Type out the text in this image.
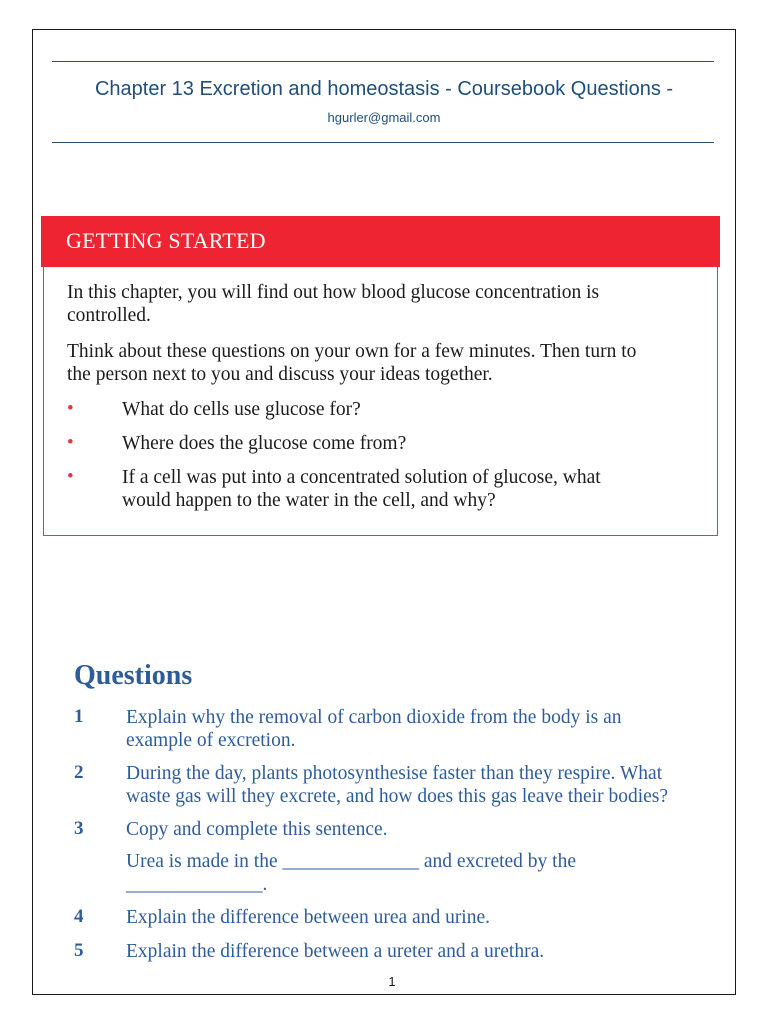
Chapter 13 Excretion and homeostasis - Coursebook Questions -
hgurler@gmail.com
GETTING STARTED
In this chapter, you will find out how blood glucose concentration is
controlled.
Think about these questions on your own for a few minutes. Then turn to
the person next to you and discuss your ideas together.
• What do cells use glucose for?
• Where does the glucose come from?
• If a cell was put into a concentrated solution of glucose, what
would happen to the water in the cell, and why?
Questions
1 Explain why the removal of carbon dioxide from the body is an
example of excretion.
2 During the day, plants photosynthesise faster than they respire. What
waste gas will they excrete, and how does this gas leave their bodies?
3 Copy and complete this sentence.
Urea is made in the ______________ and excreted by the
______________.
4 Explain the difference between urea and urine.
5 Explain the difference between a ureter and a urethra.
1
